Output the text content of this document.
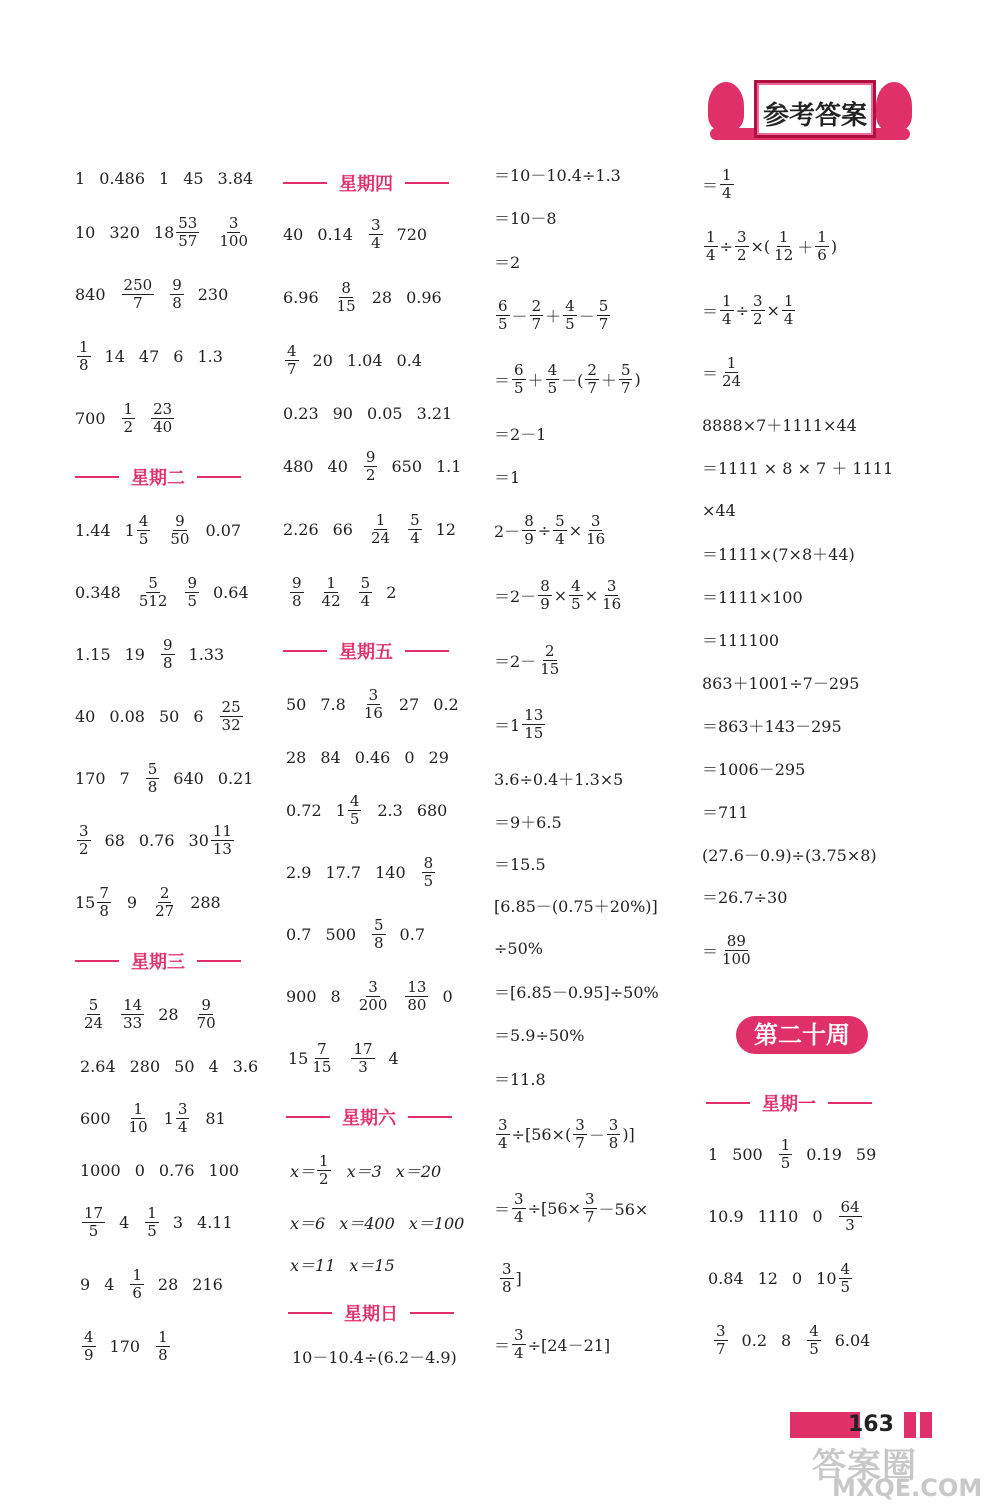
参考答案
1 0.486 1 45 3.84
10 320 $18 \frac{53}{57} \frac{3}{100}$
$840 \frac{250}{7} \frac{9}{8} 230$
$\frac{1}{8} 14$ 47 6 1.3
$700 \frac{1}{2} \frac{23}{40}$
星期二
1.44 $1 \frac{4}{5} \frac{9}{50} 0.07$
$0.348 \frac{5}{512} \frac{9}{5} 0.64$
1.15 $19 \frac{9}{8} 1.33$
40 0.08 50 $6 \frac{25}{32}$
170 $7 \frac{5}{8} 640$ 0.21
$\frac{3}{2} 68$ 0.76 $30 \frac{11}{13}$
$15 \frac{7}{8} 9 \frac{2}{27} 288$
星期三
$\frac{5}{24} \frac{14}{33} 28 \frac{9}{70}$
2.64 280 50 4 3.6
$600 \frac{1}{10} 1 \frac{3}{4} 81$
1000 0 0.76 100
$\frac{17}{5} 4 \frac{1}{5} 3$ 4.11
9 $4 \frac{1}{6} 28$ 216
$\frac{4}{9} 170 \frac{1}{8}$
星期四
40 $0.14 \frac{3}{4} 720$
$6.96 \frac{8}{15} 28$ 0.96
$\frac{4}{7} 20$ 1.04 0.4
0.23 90 0.05 3.21
480 $40 \frac{9}{2} 650$ 1.1
2.26 $66 \frac{1}{24} \frac{5}{4} 12$
$\frac{9}{8} \frac{1}{42} \frac{5}{4} 2$
星期五
50 $7.8 \frac{3}{16} 27$ 0.2
28 84 0.46 0 29
0.72 $1 \frac{4}{5} 2.3$ 680
2.9 17.7 $140 \frac{8}{5}$
0.7 $500 \frac{5}{8} 0.7$
900 $8 \frac{3}{200} \frac{13}{80} 0$
$15 \frac{7}{15} \frac{17}{3} 4$
星期六
$x= \frac{1}{2} x=3$ x＝20
x＝6 x＝400 x＝100
x＝11 x＝15
星期日
10－10.4÷(6.2－4.9)
＝10－10.4÷1.3
＝10－8
＝2
$\frac{6}{5} - \frac{2}{7} + \frac{4}{5} - \frac{5}{7}$
＝ $\frac{6}{5} + \frac{4}{5}$ －( $\frac{2}{7} + \frac{5}{7}$ )
＝2－1
＝1
$2- \frac{8}{9} \div \frac{5}{4} \times \frac{3}{16}$
$=2- \frac{8}{9} \times \frac{4}{5} \times \frac{3}{16}$
$=2- \frac{2}{15}$
$=1 \frac{13}{15}$
3.6÷0.4＋1.3×5
＝9＋6.5
＝15.5
[6.85－(0.75＋20%)]
÷50%
＝[6.85－0.95]÷50%
＝5.9÷50%
＝11.8
$\frac{3}{4} \div[56\times( \frac{3}{7} - \frac{3}{8}$ )]
＝ $\frac{3}{4} \div[56\times \frac{3}{7} -56\times$
$\frac{3}{8}$ ]
＝ $\frac{3}{4} \div[24-21]$
＝ $\frac{1}{4}$
$\frac{1}{4} \div \frac{3}{2}$ ×( $\frac{1}{12} + \frac{1}{6}$ )
＝ $\frac{1}{4} \div \frac{3}{2} \times \frac{1}{4}$
＝ $\frac{1}{24}$
8888×7＋1111×44
＝1111 × 8 × 7 ＋ 1111
×44
＝1111×(7×8＋44)
＝1111×100
＝111100
863＋1001÷7－295
＝863＋143－295
＝1006－295
＝711
(27.6－0.9)÷(3.75×8)
＝26.7÷30
＝ $\frac{89}{100}$
第二十周
星期一
1 $500 \frac{1}{5} 0.19$ 59
10.9 1110 $0 \frac{64}{3}$
0.84 12 0 $10 \frac{4}{5}$
$\frac{3}{7} 0.2$ $8 \frac{4}{5} 6.04$
163
答案圈
MXQE.COM
